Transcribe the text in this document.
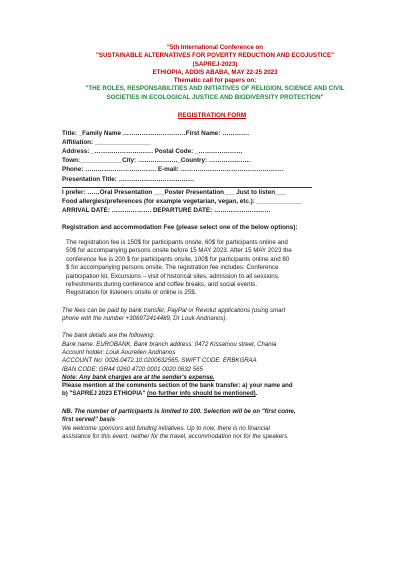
"5th International Conference on
"SUSTAINABLE ALTERNATIVES FOR POVERTY REDUCTION AND ECOJUSTICE"
(SAPREJ-2023)
ETHIOPIA, ADDIS ABABA, MAY 22-25 2023
Thematic call for papers on:
"THE ROLES, RESPONSABILITIES AND INITIATIVES OF RELIGION, SCIENCE AND CIVIL
SOCIETIES IN ECOLOGICAL JUSTICE AND BIODIVERSITY PROTECTION"
REGISTRATION FORM
Title: _Family Name …………………………First Name: ………….
Affiliation: ________________
Address: _………………………. Postal Code: _…………………
Town:____________City: ………………._Country: ………………..
Phone: ……………………………. E-mail: ………………………………………….
Presentation Title: ………………………………
I prefer: ……Oral Presentation ___Poster Presentation___ Just to listen___
Food allergies/preferences (for example vegetarian, vegan, etc.): _____________
ARRIVAL DATE: ………………. DEPARTURE DATE: ………………………
Registration and accommodation Fee (please select one of the below options):
The registration fee is 150$ for participants onsite, 60$ for participants online and
50$ for accompanying persons onsite before 15 MAY 2023. After 15 MAY 2023 the
conference fee is 200 $ for participants onsite, 100$ for participants online and 80
$ for accompanying persons onsite. The registration fee includes: Conference
participation kit, Excursions – visit of historical sites, admission to all sessions,
refreshments during conference and coffee breaks, and social events.
Registration for listeners onsite or online is 25$.
The fees can be paid by bank transfer, PayPal or Revolut applications (using smart
phone with the number +306972414489, Dr Louk Andrianos).
The bank details are the following:
Bank name: EUROBANK, Bank branch address: 0472 Kissamou street, Chania
Account holder: Louk Aourelien Andrianos
ACCOUNT No: 0026.0472.10.0200632565, SWIFT CODE: ERBKGRAA
IBAN CODE: GR44 0260 4720 0001 0020 0632 565
Note: Any bank charges are at the sender's expense.
Please mention at the comments section of the bank transfer: a) your name and
b) "SAPREJ 2023 ETHIOPIA" (no further info should be mentioned).
NB. The number of participants is limited to 100. Selection will be on "first come,
first served" basis
We welcome sponsors and funding initiatives. Up to now, there is no financial
assistance for this event, neither for the travel, accommodation nor for the speakers.
